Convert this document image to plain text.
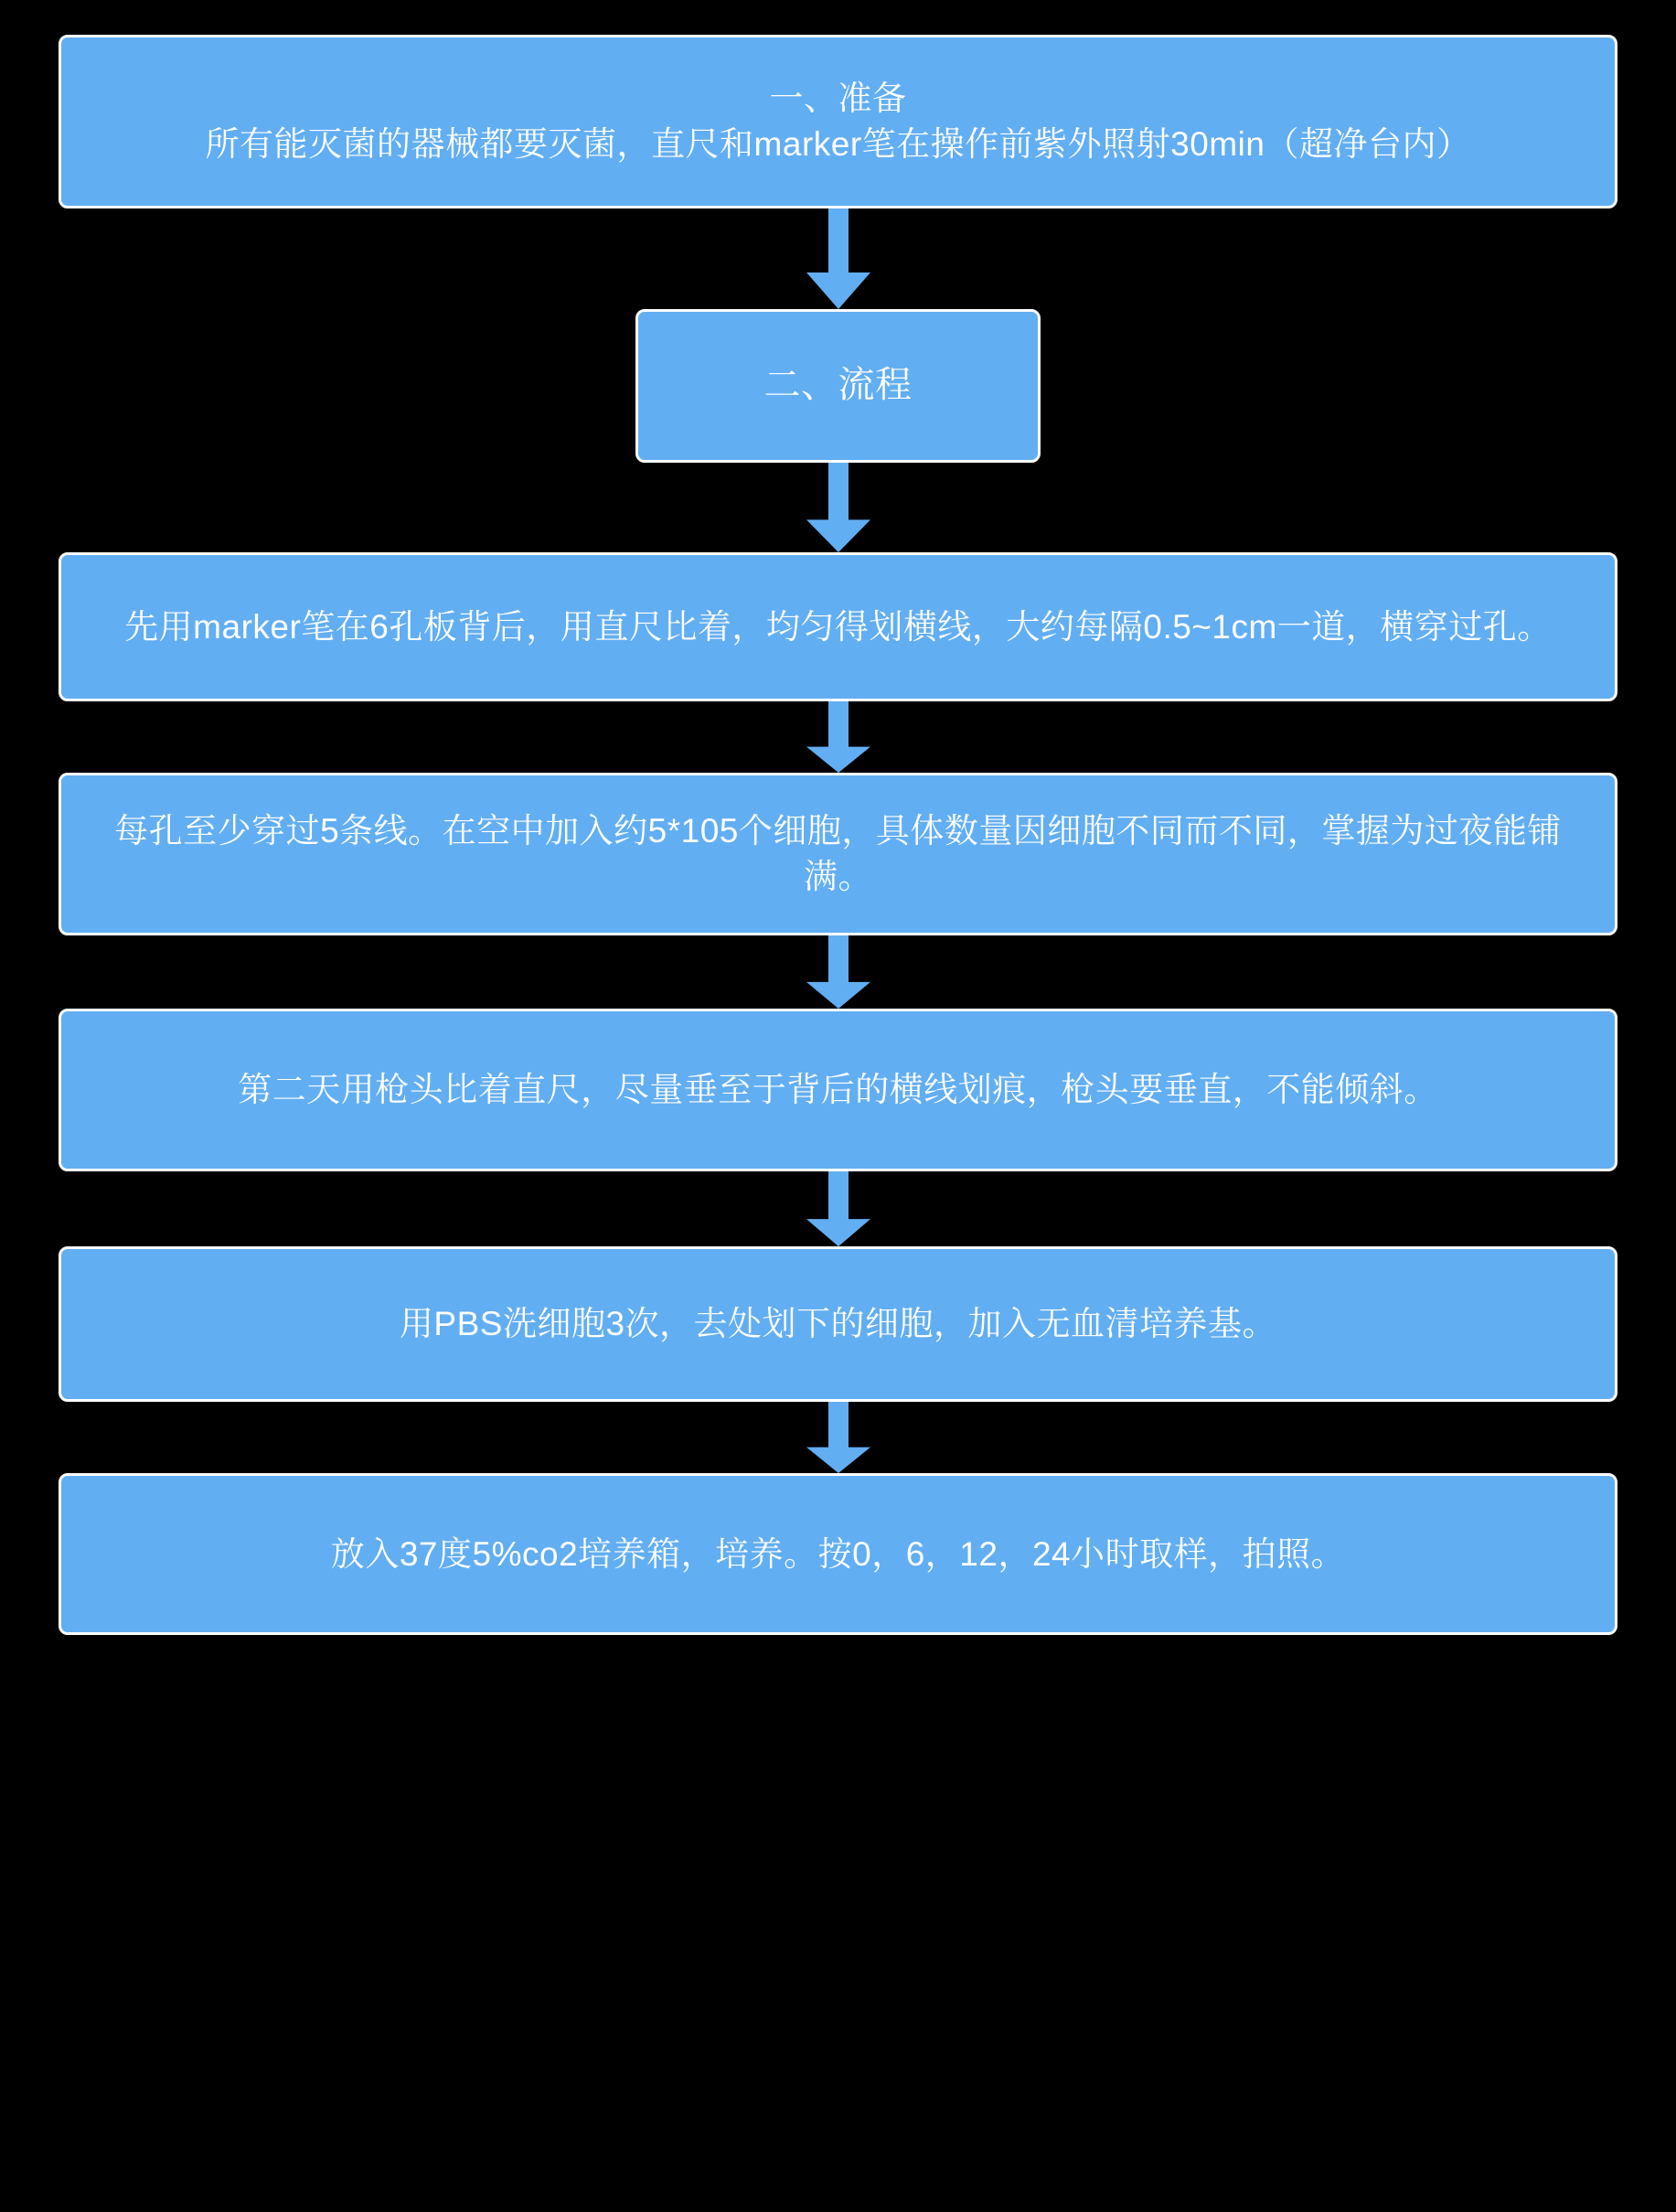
一、准备
所有能灭菌的器械都要灭菌，直尺和marker笔在操作前紫外照射30min（超净台内）
二、流程
先用marker笔在6孔板背后，用直尺比着，均匀得划横线，大约每隔0.5~1cm一道，横穿过孔。
每孔至少穿过5条线。在空中加入约5*105个细胞，具体数量因细胞不同而不同，掌握为过夜能铺满。
第二天用枪头比着直尺，尽量垂至于背后的横线划痕，枪头要垂直，不能倾斜。
用PBS洗细胞3次，去处划下的细胞，加入无血清培养基。
放入37度5%co2培养箱，培养。按0，6，12，24小时取样，拍照。
